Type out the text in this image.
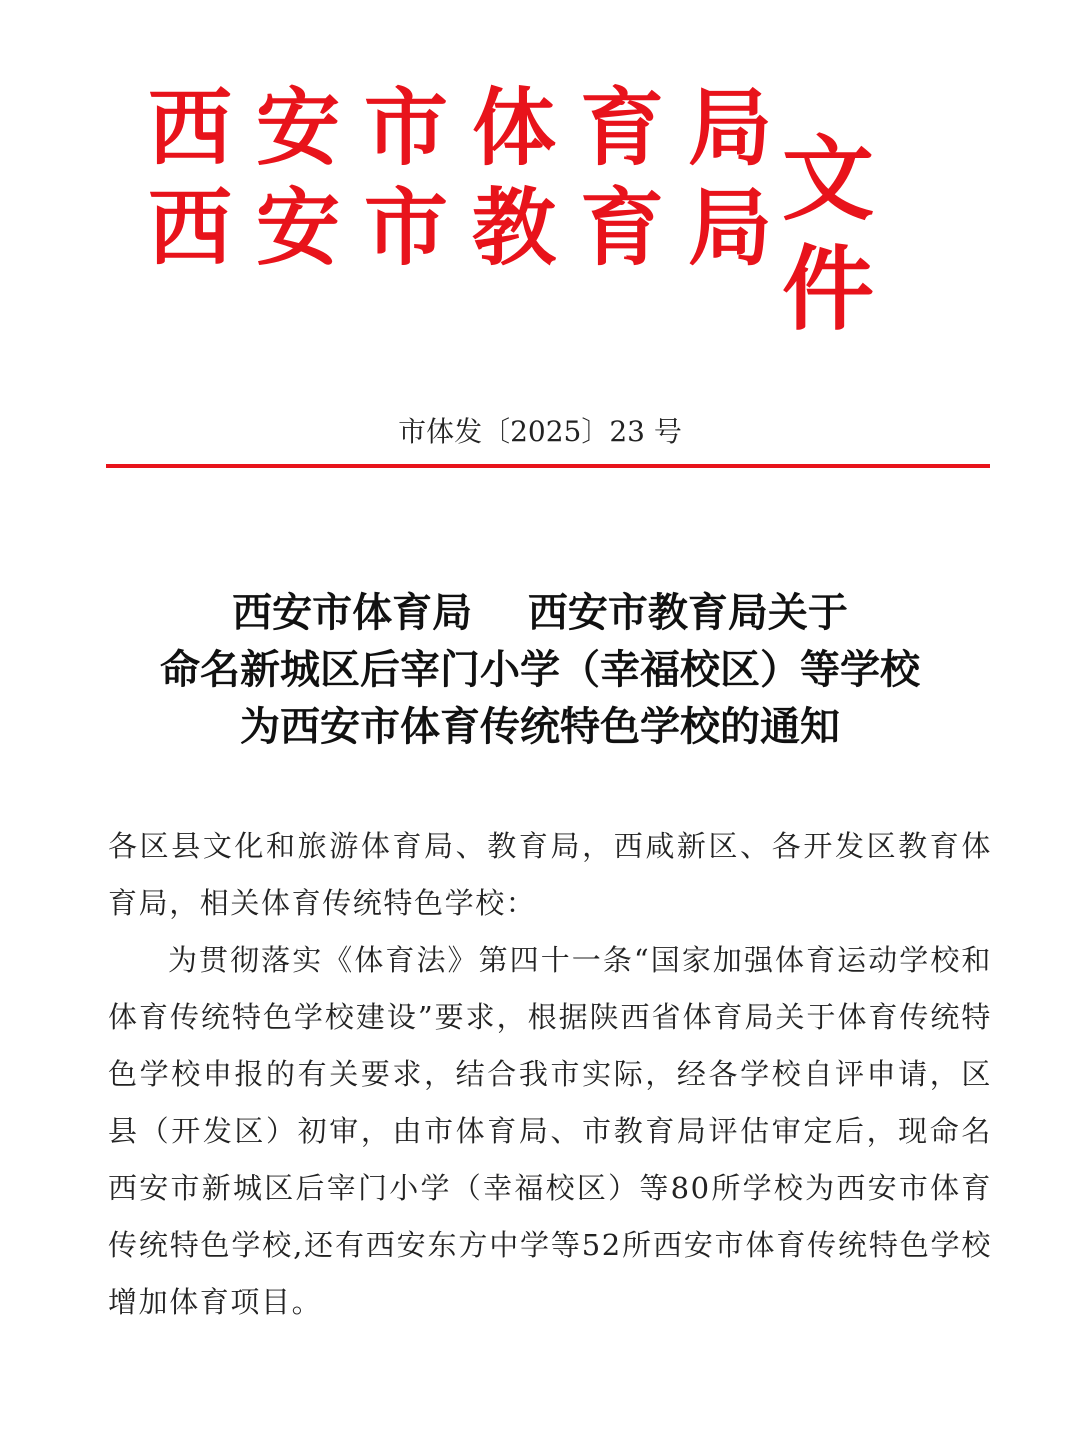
西 安 市 体 育 局
西 安 市 教 育 局 文件
市体发〔2025〕23 号
西安市体育局    西安市教育局关于
命名新城区后宰门小学（幸福校区）等学校
为西安市体育传统特色学校的通知

各区县文化和旅游体育局、教育局，西咸新区、各开发区教育体育局，相关体育传统特色学校：

为贯彻落实《体育法》第四十一条“国家加强体育运动学校和体育传统特色学校建设”要求，根据陕西省体育局关于体育传统特色学校申报的有关要求，结合我市实际，经各学校自评申请，区县（开发区）初审，由市体育局、市教育局评估审定后，现命名西安市新城区后宰门小学（幸福校区）等80所学校为西安市体育传统特色学校,还有西安东方中学等52所西安市体育传统特色学校增加体育项目。
